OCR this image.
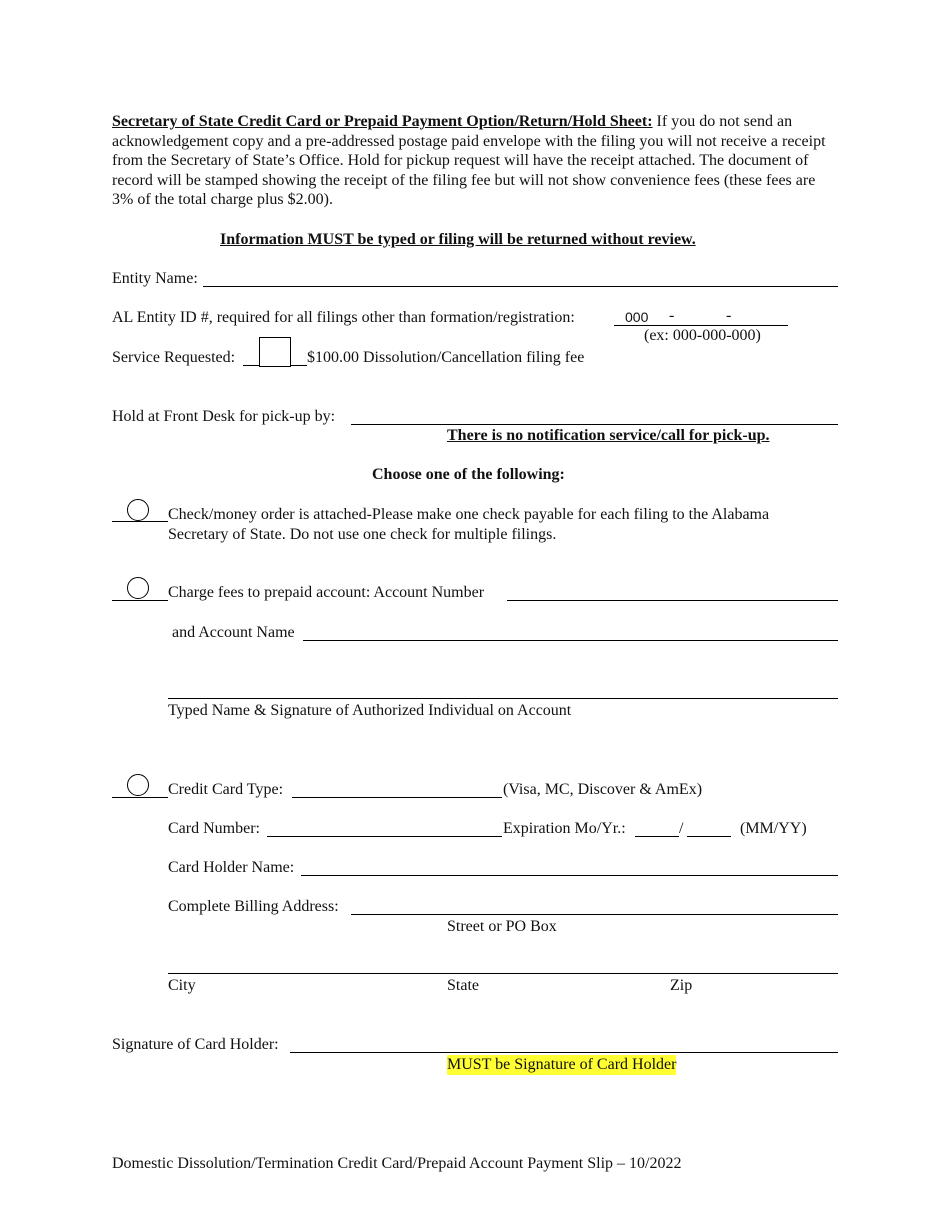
Secretary of State Credit Card or Prepaid Payment Option/Return/Hold Sheet: If you do not send an acknowledgement copy and a pre-addressed postage paid envelope with the filing you will not receive a receipt from the Secretary of State’s Office. Hold for pickup request will have the receipt attached. The document of record will be stamped showing the receipt of the filing fee but will not show convenience fees (these fees are 3% of the total charge plus $2.00).
Information MUST be typed or filing will be returned without review.
Entity Name:
AL Entity ID #, required for all filings other than formation/registration:	000 -	-
(ex: 000-000-000)
Service Requested:	$100.00 Dissolution/Cancellation filing fee
Hold at Front Desk for pick-up by:
There is no notification service/call for pick-up.
Choose one of the following:
Check/money order is attached-Please make one check payable for each filing to the Alabama
Secretary of State. Do not use one check for multiple filings.
Charge fees to prepaid account: Account Number
and Account Name
Typed Name & Signature of Authorized Individual on Account
Credit Card Type:	(Visa, MC, Discover & AmEx)
Card Number:	Expiration Mo/Yr.:	/	(MM/YY)
Card Holder Name:
Complete Billing Address:
Street or PO Box
City	State	Zip
Signature of Card Holder:
MUST be Signature of Card Holder
Domestic Dissolution/Termination Credit Card/Prepaid Account Payment Slip – 10/2022
